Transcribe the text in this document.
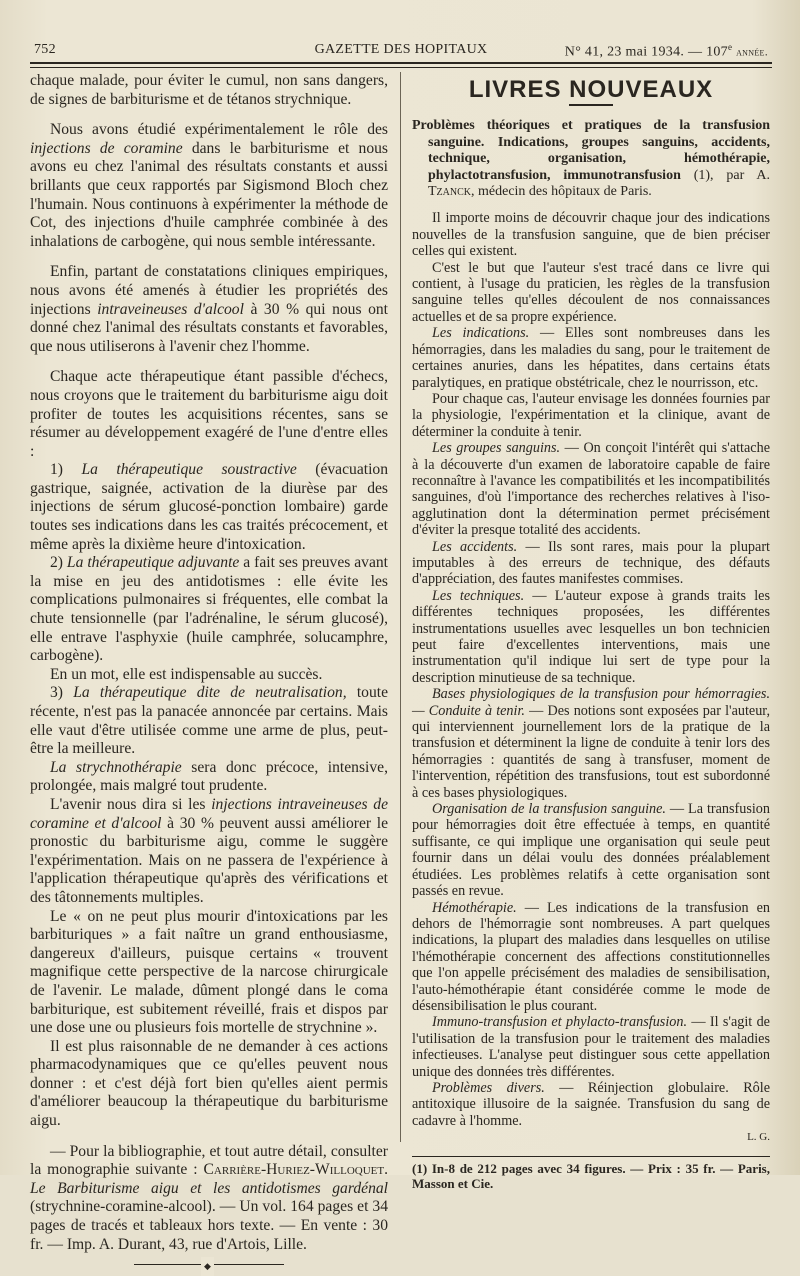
752	GAZETTE DES HOPITAUX	N° 41, 23 mai 1934. — 107e année.

chaque malade, pour éviter le cumul, non sans dangers, de signes de barbiturisme et de tétanos strychnique.

Nous avons étudié expérimentalement le rôle des injections de coramine dans le barbiturisme et nous avons eu chez l'animal des résultats constants et aussi brillants que ceux rapportés par Sigismond Bloch chez l'humain. Nous continuons à expérimenter la méthode de Cot, des injections d'huile camphrée combinée à des inhalations de carbogène, qui nous semble intéressante.

Enfin, partant de constatations cliniques empiriques, nous avons été amenés à étudier les propriétés des injections intraveineuses d'alcool à 30 % qui nous ont donné chez l'animal des résultats constants et favorables, que nous utiliserons à l'avenir chez l'homme.

Chaque acte thérapeutique étant passible d'échecs, nous croyons que le traitement du barbiturisme aigu doit profiter de toutes les acquisitions récentes, sans se résumer au développement exagéré de l'une d'entre elles :

1) La thérapeutique soustractive (évacuation gastrique, saignée, activation de la diurèse par des injections de sérum glucosé-ponction lombaire) garde toutes ses indications dans les cas traités précocement, et même après la dixième heure d'intoxication.

2) La thérapeutique adjuvante a fait ses preuves avant la mise en jeu des antidotismes : elle évite les complications pulmonaires si fréquentes, elle combat la chute tensionnelle (par l'adrénaline, le sérum glucosé), elle entrave l'asphyxie (huile camphrée, solucamphre, carbogène).

En un mot, elle est indispensable au succès.

3) La thérapeutique dite de neutralisation, toute récente, n'est pas la panacée annoncée par certains. Mais elle vaut d'être utilisée comme une arme de plus, peut-être la meilleure.

La strychnothérapie sera donc précoce, intensive, prolongée, mais malgré tout prudente.

L'avenir nous dira si les injections intraveineuses de coramine et d'alcool à 30 % peuvent aussi améliorer le pronostic du barbiturisme aigu, comme le suggère l'expérimentation. Mais on ne passera de l'expérience à l'application thérapeutique qu'après des vérifications et des tâtonnements multiples.

Le « on ne peut plus mourir d'intoxications par les barbituriques » a fait naître un grand enthousiasme, dangereux d'ailleurs, puisque certains « trouvent magnifique cette perspective de la narcose chirurgicale de l'avenir. Le malade, dûment plongé dans le coma barbiturique, est subitement réveillé, frais et dispos par une dose une ou plusieurs fois mortelle de strychnine ».

Il est plus raisonnable de ne demander à ces actions pharmacodynamiques que ce qu'elles peuvent nous donner : et c'est déjà fort bien qu'elles aient permis d'améliorer beaucoup la thérapeutique du barbiturisme aigu.

— Pour la bibliographie, et tout autre détail, consulter la monographie suivante : Carrière-Huriez-Willoquet. Le Barbiturisme aigu et les antidotismes gardénal (strychnine-coramine-alcool). — Un vol. 164 pages et 34 pages de tracés et tableaux hors texte. — En vente : 30 fr. — Imp. A. Durant, 43, rue d'Artois, Lille.

◆
LIVRES NOUVEAUX

Problèmes théoriques et pratiques de la transfusion sanguine. Indications, groupes sanguins, accidents, technique, organisation, hémothérapie, phylactotransfusion, immunotransfusion (1), par A. Tzanck, médecin des hôpitaux de Paris.

Il importe moins de découvrir chaque jour des indications nouvelles de la transfusion sanguine, que de bien préciser celles qui existent.

C'est le but que l'auteur s'est tracé dans ce livre qui contient, à l'usage du praticien, les règles de la transfusion sanguine telles qu'elles découlent de nos connaissances actuelles et de sa propre expérience.

Les indications. — Elles sont nombreuses dans les hémorragies, dans les maladies du sang, pour le traitement de certaines anuries, dans les hépatites, dans certains états paralytiques, en pratique obstétricale, chez le nourrisson, etc.

Pour chaque cas, l'auteur envisage les données fournies par la physiologie, l'expérimentation et la clinique, avant de déterminer la conduite à tenir.

Les groupes sanguins. — On conçoit l'intérêt qui s'attache à la découverte d'un examen de laboratoire capable de faire reconnaître à l'avance les compatibilités et les incompatibilités sanguines, d'où l'importance des recherches relatives à l'iso-agglutination dont la détermination permet précisément d'éviter la presque totalité des accidents.

Les accidents. — Ils sont rares, mais pour la plupart imputables à des erreurs de technique, des défauts d'appréciation, des fautes manifestes commises.

Les techniques. — L'auteur expose à grands traits les différentes techniques proposées, les différentes instrumentations usuelles avec lesquelles un bon technicien peut faire d'excellentes interventions, mais une instrumentation qu'il indique lui sert de type pour la description minutieuse de sa technique.

Bases physiologiques de la transfusion pour hémorragies. — Conduite à tenir. — Des notions sont exposées par l'auteur, qui interviennent journellement lors de la pratique de la transfusion et déterminent la ligne de conduite à tenir lors des hémorragies : quantités de sang à transfuser, moment de l'intervention, répétition des transfusions, tout est subordonné à ces bases physiologiques.

Organisation de la transfusion sanguine. — La transfusion pour hémorragies doit être effectuée à temps, en quantité suffisante, ce qui implique une organisation qui seule peut fournir dans un délai voulu des données préalablement étudiées. Les problèmes relatifs à cette organisation sont passés en revue.

Hémothérapie. — Les indications de la transfusion en dehors de l'hémorragie sont nombreuses. A part quelques indications, la plupart des maladies dans lesquelles on utilise l'hémothérapie concernent des affections constitutionnelles que l'on appelle précisément des maladies de sensibilisation, l'auto-hémothérapie étant considérée comme le mode de désensibilisation le plus courant.

Immuno-transfusion et phylacto-transfusion. — Il s'agit de l'utilisation de la transfusion pour le traitement des maladies infectieuses. L'analyse peut distinguer sous cette appellation unique des données très différentes.

Problèmes divers. — Réinjection globulaire. Rôle antitoxique illusoire de la saignée. Transfusion du sang de cadavre à l'homme.

L. G.

(1) In-8 de 212 pages avec 34 figures. — Prix : 35 fr. — Paris, Masson et Cie.
